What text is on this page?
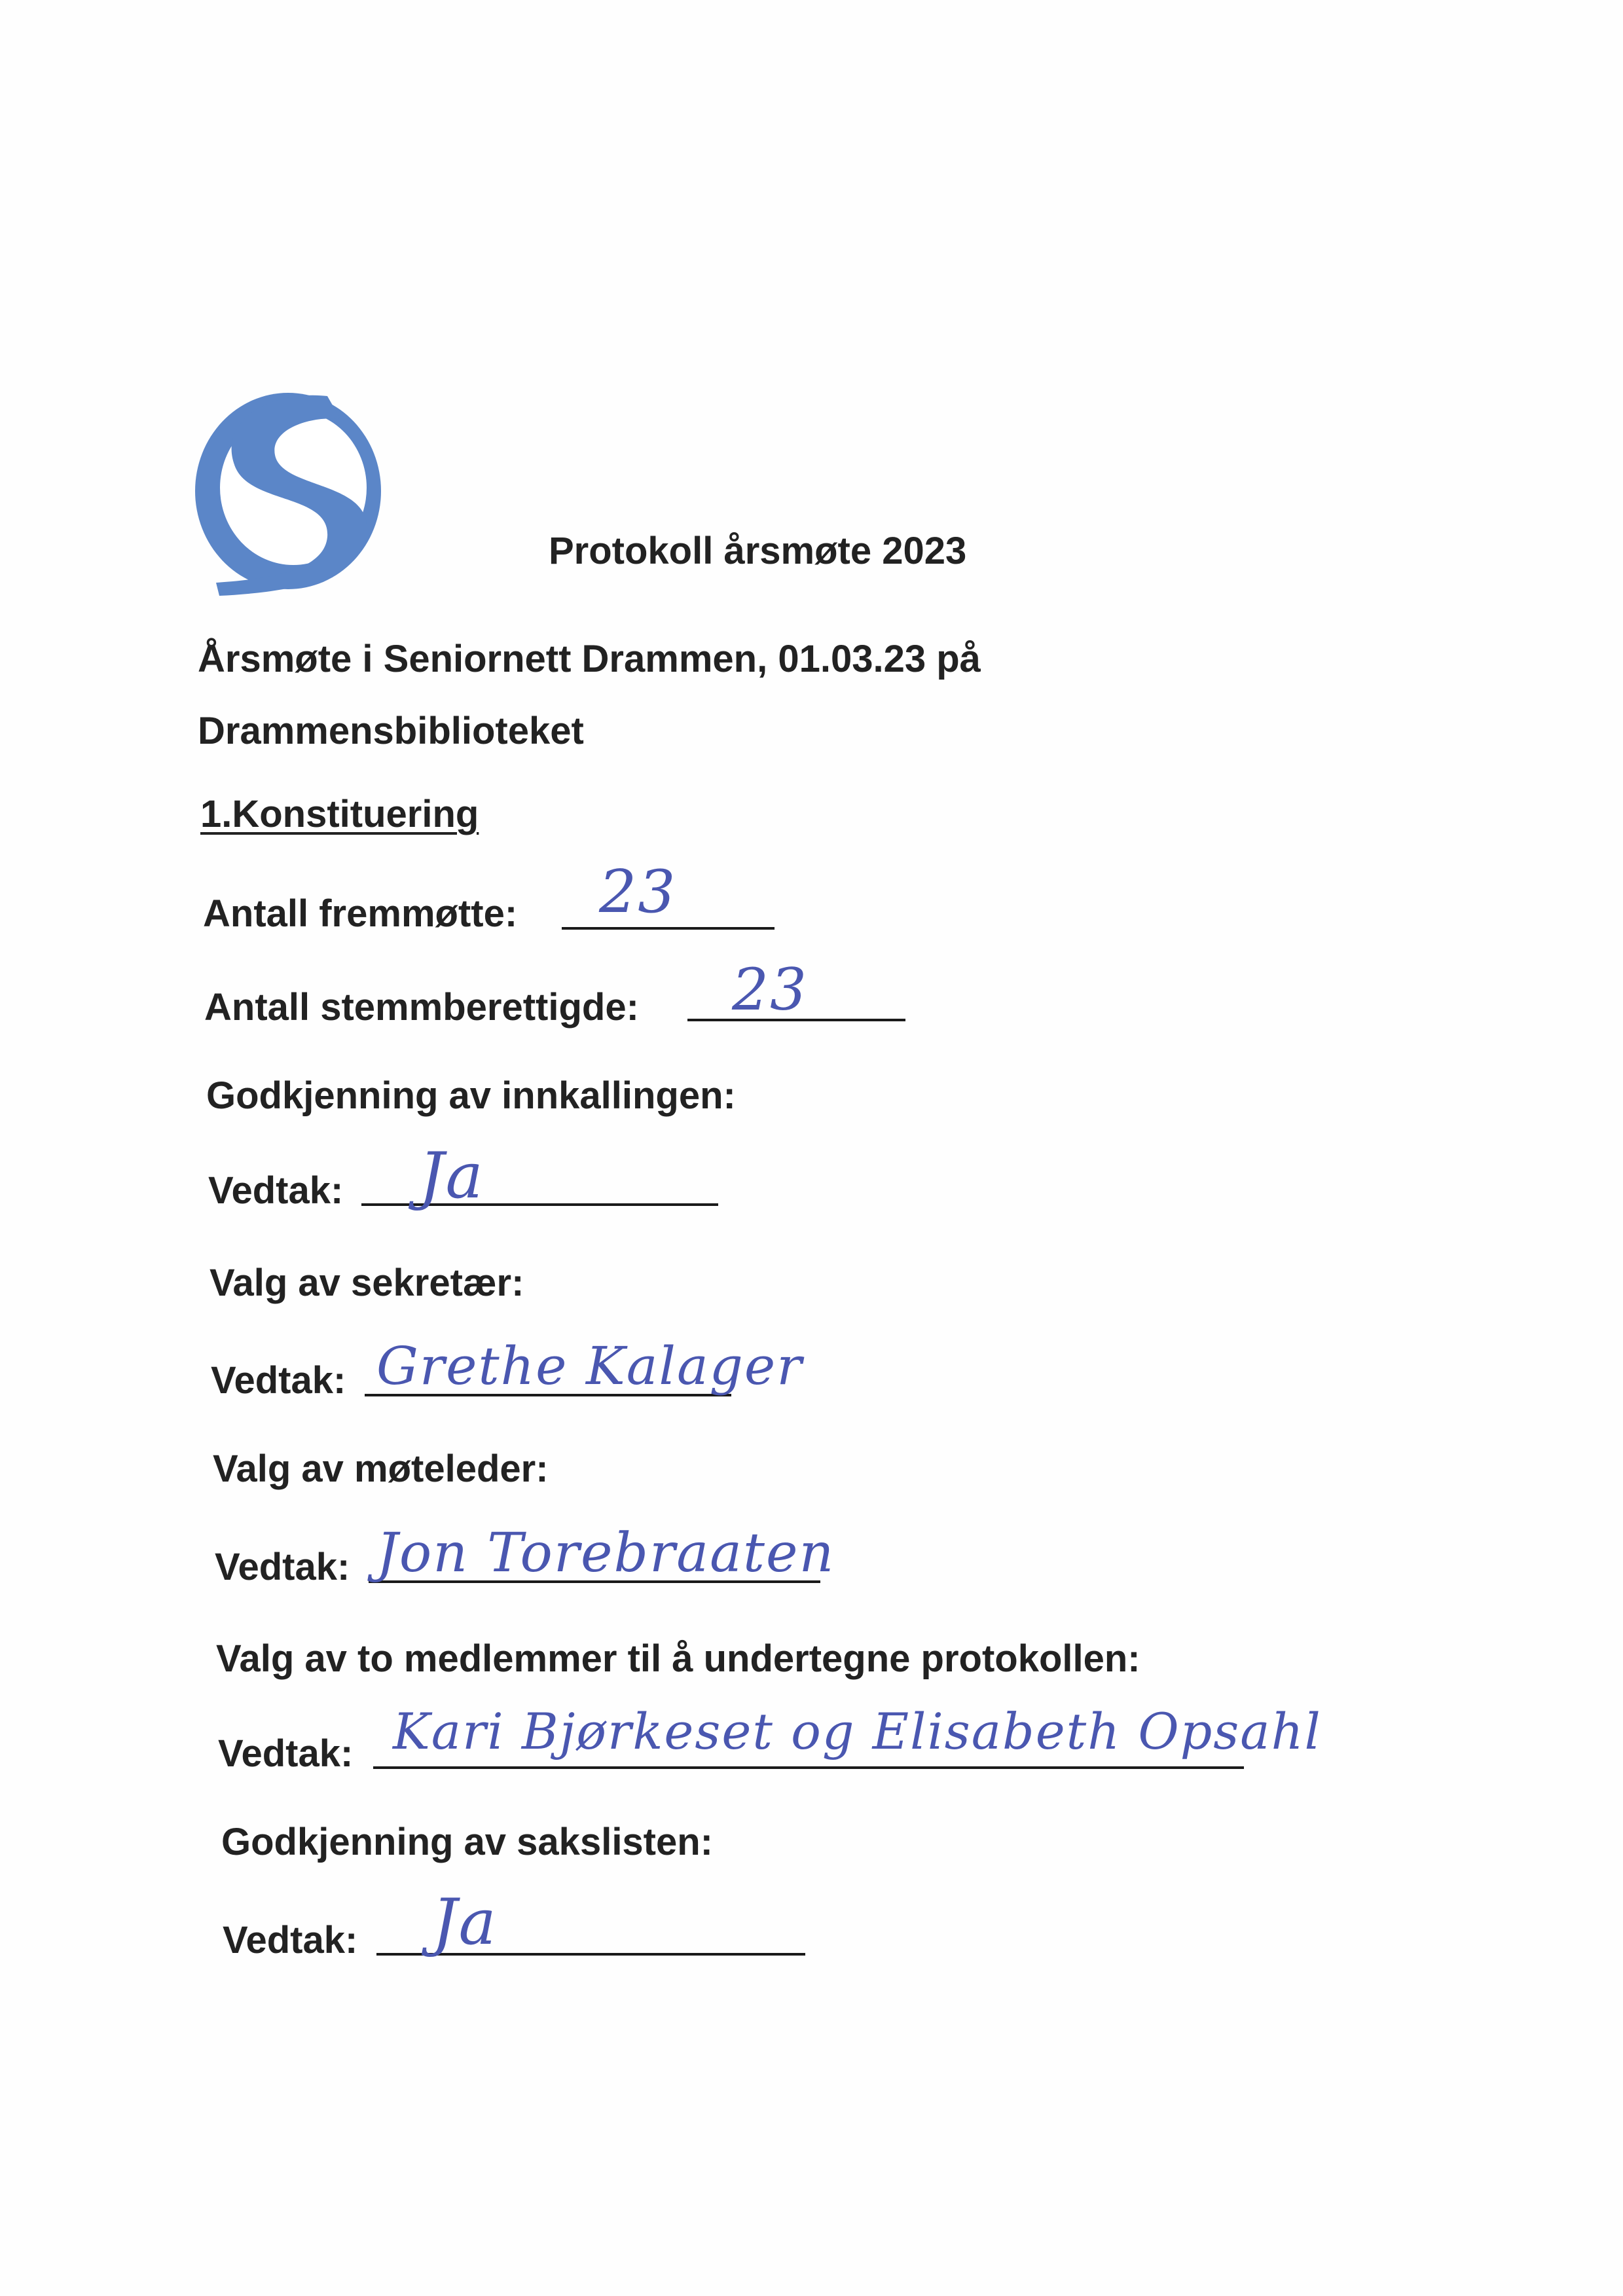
Protokoll årsmøte 2023
Årsmøte i Seniornett Drammen, 01.03.23 på
Drammensbiblioteket
1.Konstituering
Antall fremmøtte: 23
Antall stemmberettigde: 23
Godkjenning av innkallingen:
Vedtak: Ja
Valg av sekretær:
Vedtak: Grethe Kalager
Valg av møteleder:
Vedtak: Jon Torebraaten
Valg av to medlemmer til å undertegne protokollen:
Vedtak: Kari Bjørkeset og Elisabeth Opsahl
Godkjenning av sakslisten:
Vedtak: Ja
